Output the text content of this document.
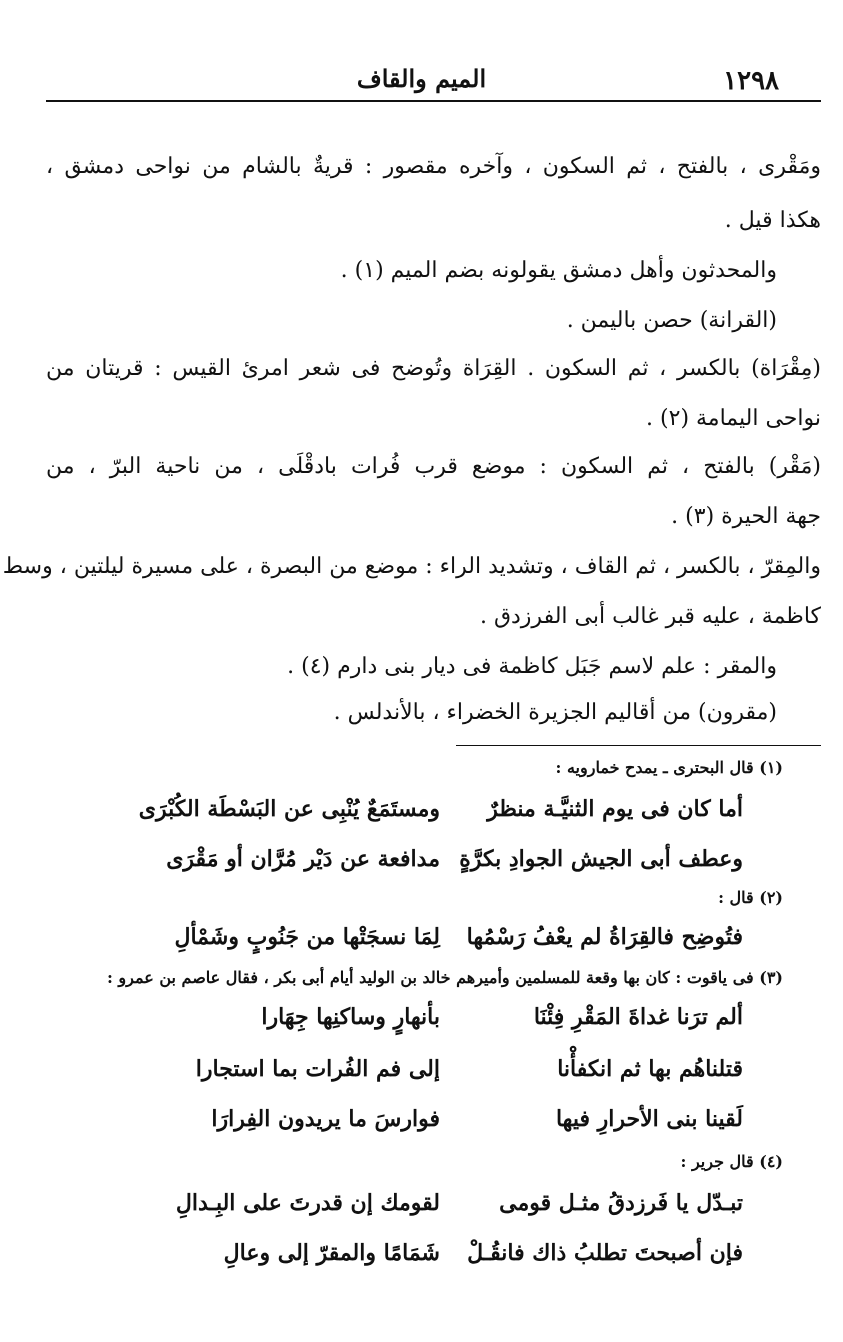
١٢٩٨
الميم والقاف
ومَقْرى ، بالفتح ، ثم السكون ، وآخره مقصور : قريةٌ بالشام من نواحى دمشق ،
هكذا قيل .
والمحدثون وأهل دمشق يقولونه بضم الميم (١) .
(القرانة) حصن باليمن .
(مِقْرَاة) بالكسر ، ثم السكون . القِرَاة وتُوضح فى شعر امرئ القيس : قريتان من
نواحى اليمامة (٢) .
(مَقْر) بالفتح ، ثم السكون : موضع قرب فُرات بادقْلَى ، من ناحية البرّ ، من
جهة الحيرة (٣) .
والمِقرّ ، بالكسر ، ثم القاف ، وتشديد الراء : موضع من البصرة ، على مسيرة ليلتين ، وسط
كاظمة ، عليه قبر غالب أبى الفرزدق .
والمقر : علم لاسم جَبَل كاظمة فى ديار بنى دارم (٤) .
(مقرون) من أقاليم الجزيرة الخضراء ، بالأندلس .
(١) قال البحترى ـ يمدح خمارويه :
أما كان فى يوم الثنيَّـة منظرٌ
ومستَمَعٌ يُنْبِى عن البَسْطَة الكُبْرَى
وعطف أبى الجيش الجوادِ بكرَّةٍ
مدافعة عن دَيْر مُرَّان أو مَقْرَى
(٢) قال :
فتُوضِح فالقِرَاةُ لم يعْفُ رَسْمُها
لِمَا نسجَتْها من جَنُوبٍ وشَمْألِ
(٣) فى ياقوت : كان بها وقعة للمسلمين وأميرهم خالد بن الوليد أيام أبى بكر ، فقال عاصم بن عمرو :
ألم ترَنا غداةَ المَقْرِ فِئْنَا
بأنهارٍ وساكنِها جِهَارا
قتلناهُم بها ثم انكفأْنا
إلى فم الفُرات بما استجارا
لَقينا بنى الأحرارِ فيها
فوارسَ ما يريدون الفِرارَا
(٤) قال جرير :
تبـدّل يا فَرزدقُ مثـل قومى
لقومك إن قدرتَ على البِـدالِ
فإن أصبحتَ تطلبُ ذاك فانقُـلْ
شَمَامًا والمقرّ إلى وعالِ
